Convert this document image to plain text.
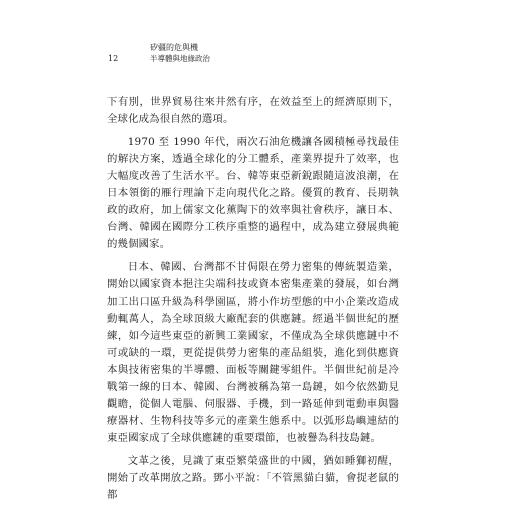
12
矽疆的危與機
半導體與地緣政治

下有別，世界貿易往來井然有序，在效益至上的經濟原則下，全球化成為很自然的選項。

1970 至 1990 年代，兩次石油危機讓各國積極尋找最佳的解決方案，透過全球化的分工體系，產業界提升了效率，也大幅度改善了生活水平。台、韓等東亞新銳跟隨這波浪潮，在日本領銜的雁行理論下走向現代化之路。優質的教育、長期執政的政府，加上儒家文化薰陶下的效率與社會秩序，讓日本、台灣、韓國在國際分工秩序重整的過程中，成為建立發展典範的幾個國家。

日本、韓國、台灣都不甘侷限在勞力密集的傳統製造業，開始以國家資本挹注尖端科技或資本密集產業的發展，如台灣加工出口區升級為科學園區，將小作坊型態的中小企業改造成動輒萬人，為全球頂級大廠配套的供應鏈。經過半個世紀的歷練，如今這些東亞的新興工業國家，不僅成為全球供應鏈中不可或缺的一環，更從提供勞力密集的產品組裝，進化到供應資本與技術密集的半導體、面板等關鍵零組件。半個世紀前是冷戰第一線的日本、韓國、台灣被稱為第一島鏈，如今依然勤見觀瞻，從個人電腦、伺服器、手機，到一路延伸到電動車與醫療器材、生物科技等多元的產業生態系中。以弧形島嶼連結的東亞國家成了全球供應鏈的重要環節，也被譽為科技島鏈。

文革之後，見識了東亞繁榮盛世的中國，猶如睡獅初醒，開始了改革開放之路。鄧小平說：「不管黑貓白貓，會捉老鼠的都
